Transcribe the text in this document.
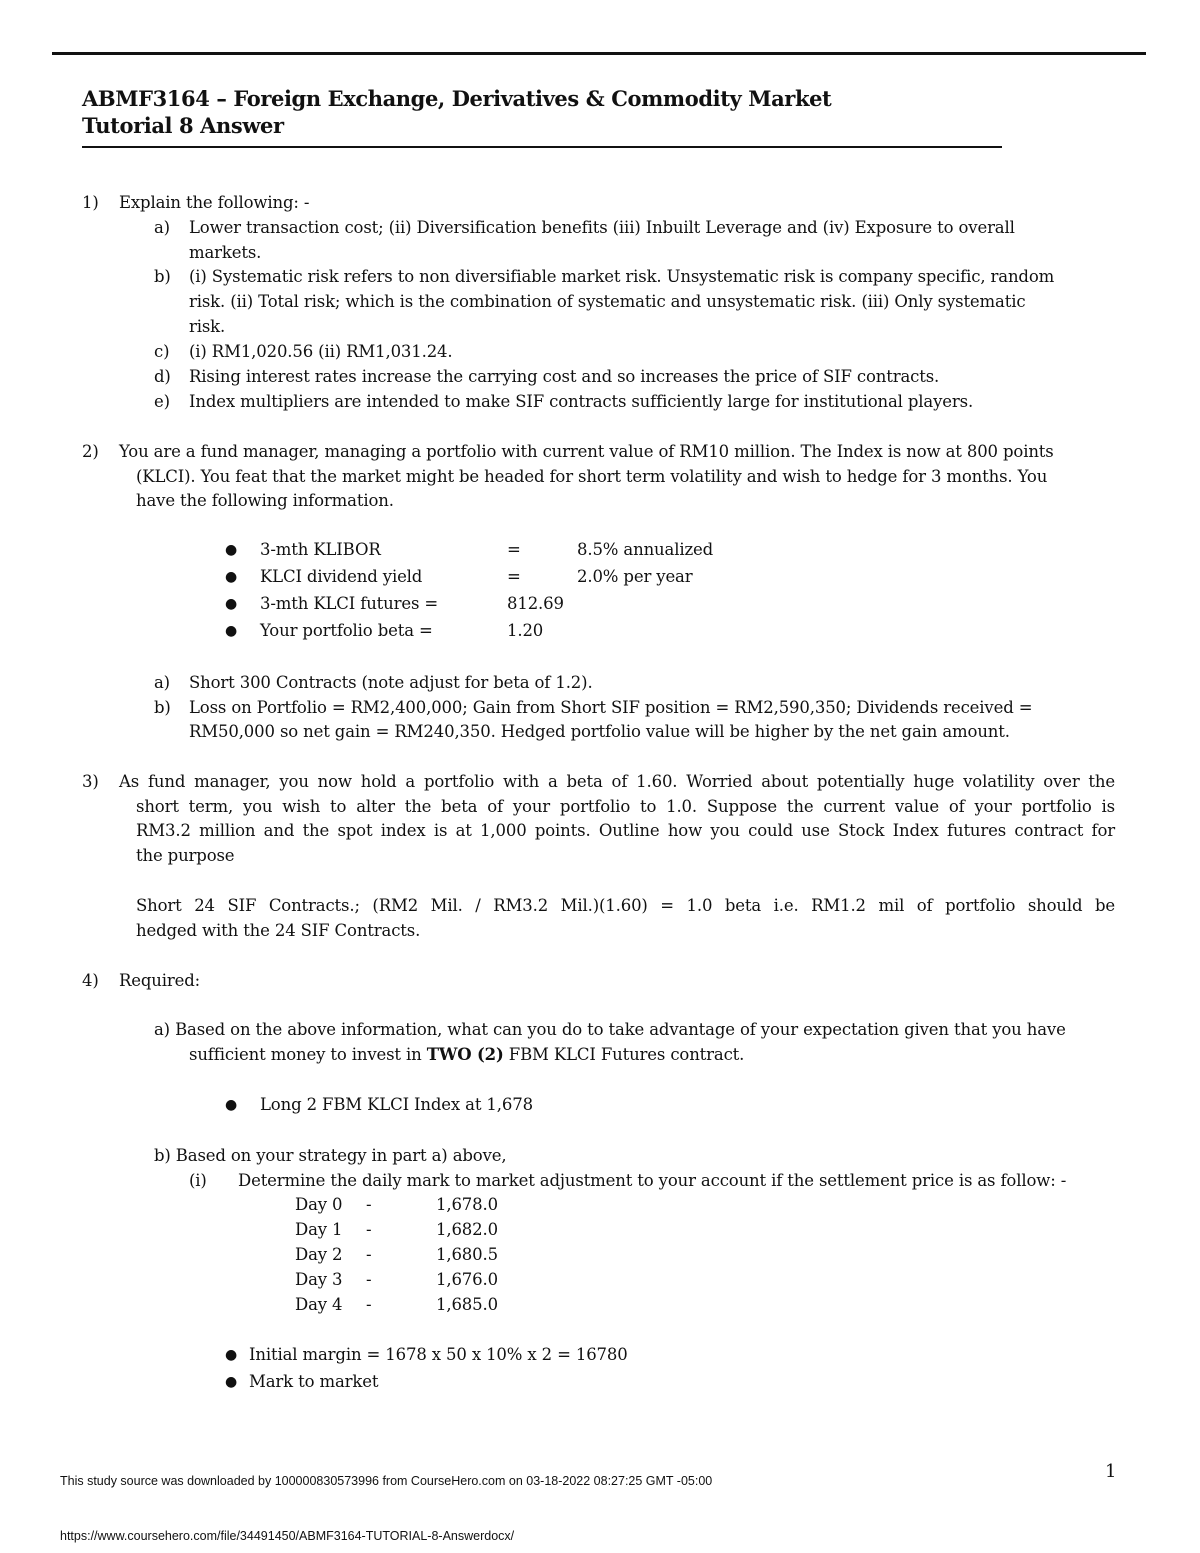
ABMF3164 – Foreign Exchange, Derivatives & Commodity Market
Tutorial 8 Answer
1) Explain the following: -
a) Lower transaction cost; (ii) Diversification benefits (iii) Inbuilt Leverage and (iv) Exposure to overall
markets.
b) (i) Systematic risk refers to non diversifiable market risk. Unsystematic risk is company specific, random
risk. (ii) Total risk; which is the combination of systematic and unsystematic risk. (iii) Only systematic
risk.
c) (i) RM1,020.56 (ii) RM1,031.24.
d) Rising interest rates increase the carrying cost and so increases the price of SIF contracts.
e) Index multipliers are intended to make SIF contracts sufficiently large for institutional players.
2) You are a fund manager, managing a portfolio with current value of RM10 million. The Index is now at 800 points
(KLCI). You feat that the market might be headed for short term volatility and wish to hedge for 3 months. You
have the following information.
● 3-mth KLIBOR	=	8.5% annualized
● KLCI dividend yield	=	2.0% per year
● 3-mth KLCI futures =	812.69
● Your portfolio beta =	1.20
a) Short 300 Contracts (note adjust for beta of 1.2).
b) Loss on Portfolio = RM2,400,000; Gain from Short SIF position = RM2,590,350; Dividends received =
RM50,000 so net gain = RM240,350. Hedged portfolio value will be higher by the net gain amount.
3) As fund manager, you now hold a portfolio with a beta of 1.60. Worried about potentially huge volatility over the
short term, you wish to alter the beta of your portfolio to 1.0. Suppose the current value of your portfolio is
RM3.2 million and the spot index is at 1,000 points. Outline how you could use Stock Index futures contract for
the purpose
Short 24 SIF Contracts.; (RM2 Mil. / RM3.2 Mil.)(1.60) = 1.0 beta i.e. RM1.2 mil of portfolio should be
hedged with the 24 SIF Contracts.
4) Required:
a) Based on the above information, what can you do to take advantage of your expectation given that you have
sufficient money to invest in TWO (2) FBM KLCI Futures contract.
● Long 2 FBM KLCI Index at 1,678
b) Based on your strategy in part a) above,
(i) Determine the daily mark to market adjustment to your account if the settlement price is as follow: -
Day 0 -	1,678.0
Day 1 -	1,682.0
Day 2 -	1,680.5
Day 3 -	1,676.0
Day 4 -	1,685.0
● Initial margin = 1678 x 50 x 10% x 2 = 16780
● Mark to market
1
This study source was downloaded by 100000830573996 from CourseHero.com on 03-18-2022 08:27:25 GMT -05:00
https://www.coursehero.com/file/34491450/ABMF3164-TUTORIAL-8-Answerdocx/
